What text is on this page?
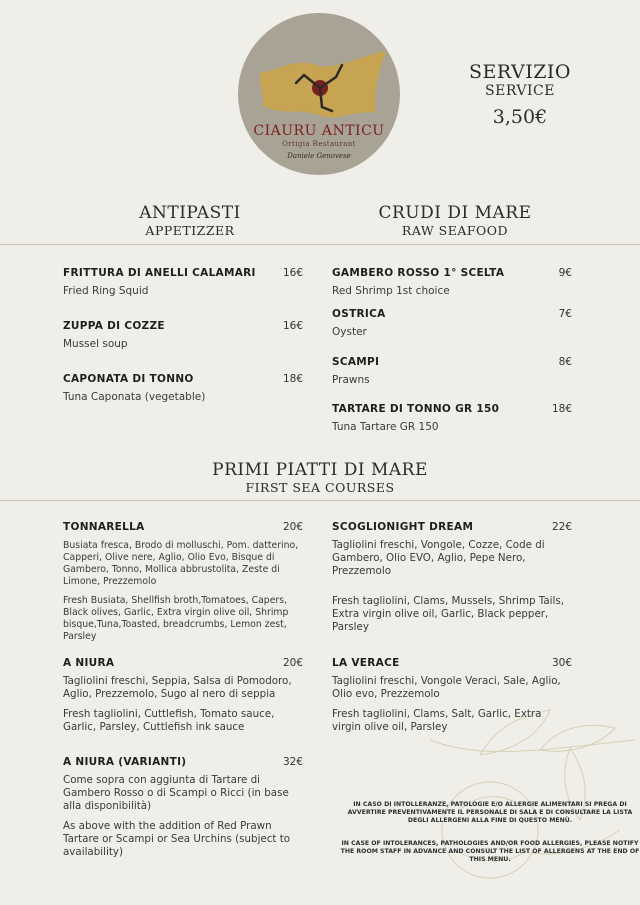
CIAURU ANTICU
Ortigia Restaurant
Daniele Genovese
SERVIZIO
SERVICE
3,50€
ANTIPASTI
APPETIZZER
CRUDI DI MARE
RAW SEAFOOD
FRITTURA DI ANELLI CALAMARI	16€
Fried Ring Squid
ZUPPA DI COZZE	16€
Mussel soup
CAPONATA DI TONNO	18€
Tuna Caponata (vegetable)
GAMBERO ROSSO 1° SCELTA	9€
Red Shrimp 1st choice
OSTRICA	7€
Oyster
SCAMPI	8€
Prawns
TARTARE DI TONNO GR 150	18€
Tuna Tartare GR 150
PRIMI PIATTI DI MARE
FIRST SEA COURSES
TONNARELLA	20€
Busiata fresca, Brodo di molluschi, Pom. datterino, Capperi, Olive nere, Aglio, Olio Evo, Bisque di Gambero, Tonno, Mollica abbrustolita, Zeste di Limone, Prezzemolo
Fresh Busiata, Shellfish broth,Tomatoes, Capers, Black olives, Garlic, Extra virgin olive oil, Shrimp bisque,Tuna,Toasted, breadcrumbs, Lemon zest, Parsley
A NIURA	20€
Tagliolini freschi, Seppia, Salsa di Pomodoro, Aglio, Prezzemolo, Sugo al nero di seppia
Fresh tagliolini, Cuttlefish, Tomato sauce, Garlic, Parsley, Cuttlefish ink sauce
A NIURA (VARIANTI)	32€
Come sopra con aggiunta di Tartare di Gambero Rosso o di Scampi o Ricci (in base alla disponibilità)
As above with the addition of Red Prawn Tartare or Scampi or Sea Urchins (subject to availability)
SCOGLIONIGHT DREAM	22€
Tagliolini freschi, Vongole, Cozze, Code di Gambero, Olio EVO, Aglio, Pepe Nero, Prezzemolo
Fresh tagliolini, Clams, Mussels, Shrimp Tails, Extra virgin olive oil, Garlic, Black pepper, Parsley
LA VERACE	30€
Tagliolini freschi, Vongole Veraci, Sale, Aglio, Olio evo, Prezzemolo
Fresh tagliolini, Clams, Salt, Garlic, Extra virgin olive oil, Parsley
IN CASO DI INTOLLERANZE, PATOLOGIE E/O ALLERGIE ALIMENTARI SI PREGA DI AVVERTIRE PREVENTIVAMENTE IL PERSONALE DI SALA E DI CONSULTARE LA LISTA DEGLI ALLERGENI ALLA FINE DI QUESTO MENÙ.
IN CASE OF INTOLERANCES, PATHOLOGIES AND/OR FOOD ALLERGIES, PLEASE NOTIFY THE ROOM STAFF IN ADVANCE AND CONSULT THE LIST OF ALLERGENS AT THE END OF THIS MENU.
